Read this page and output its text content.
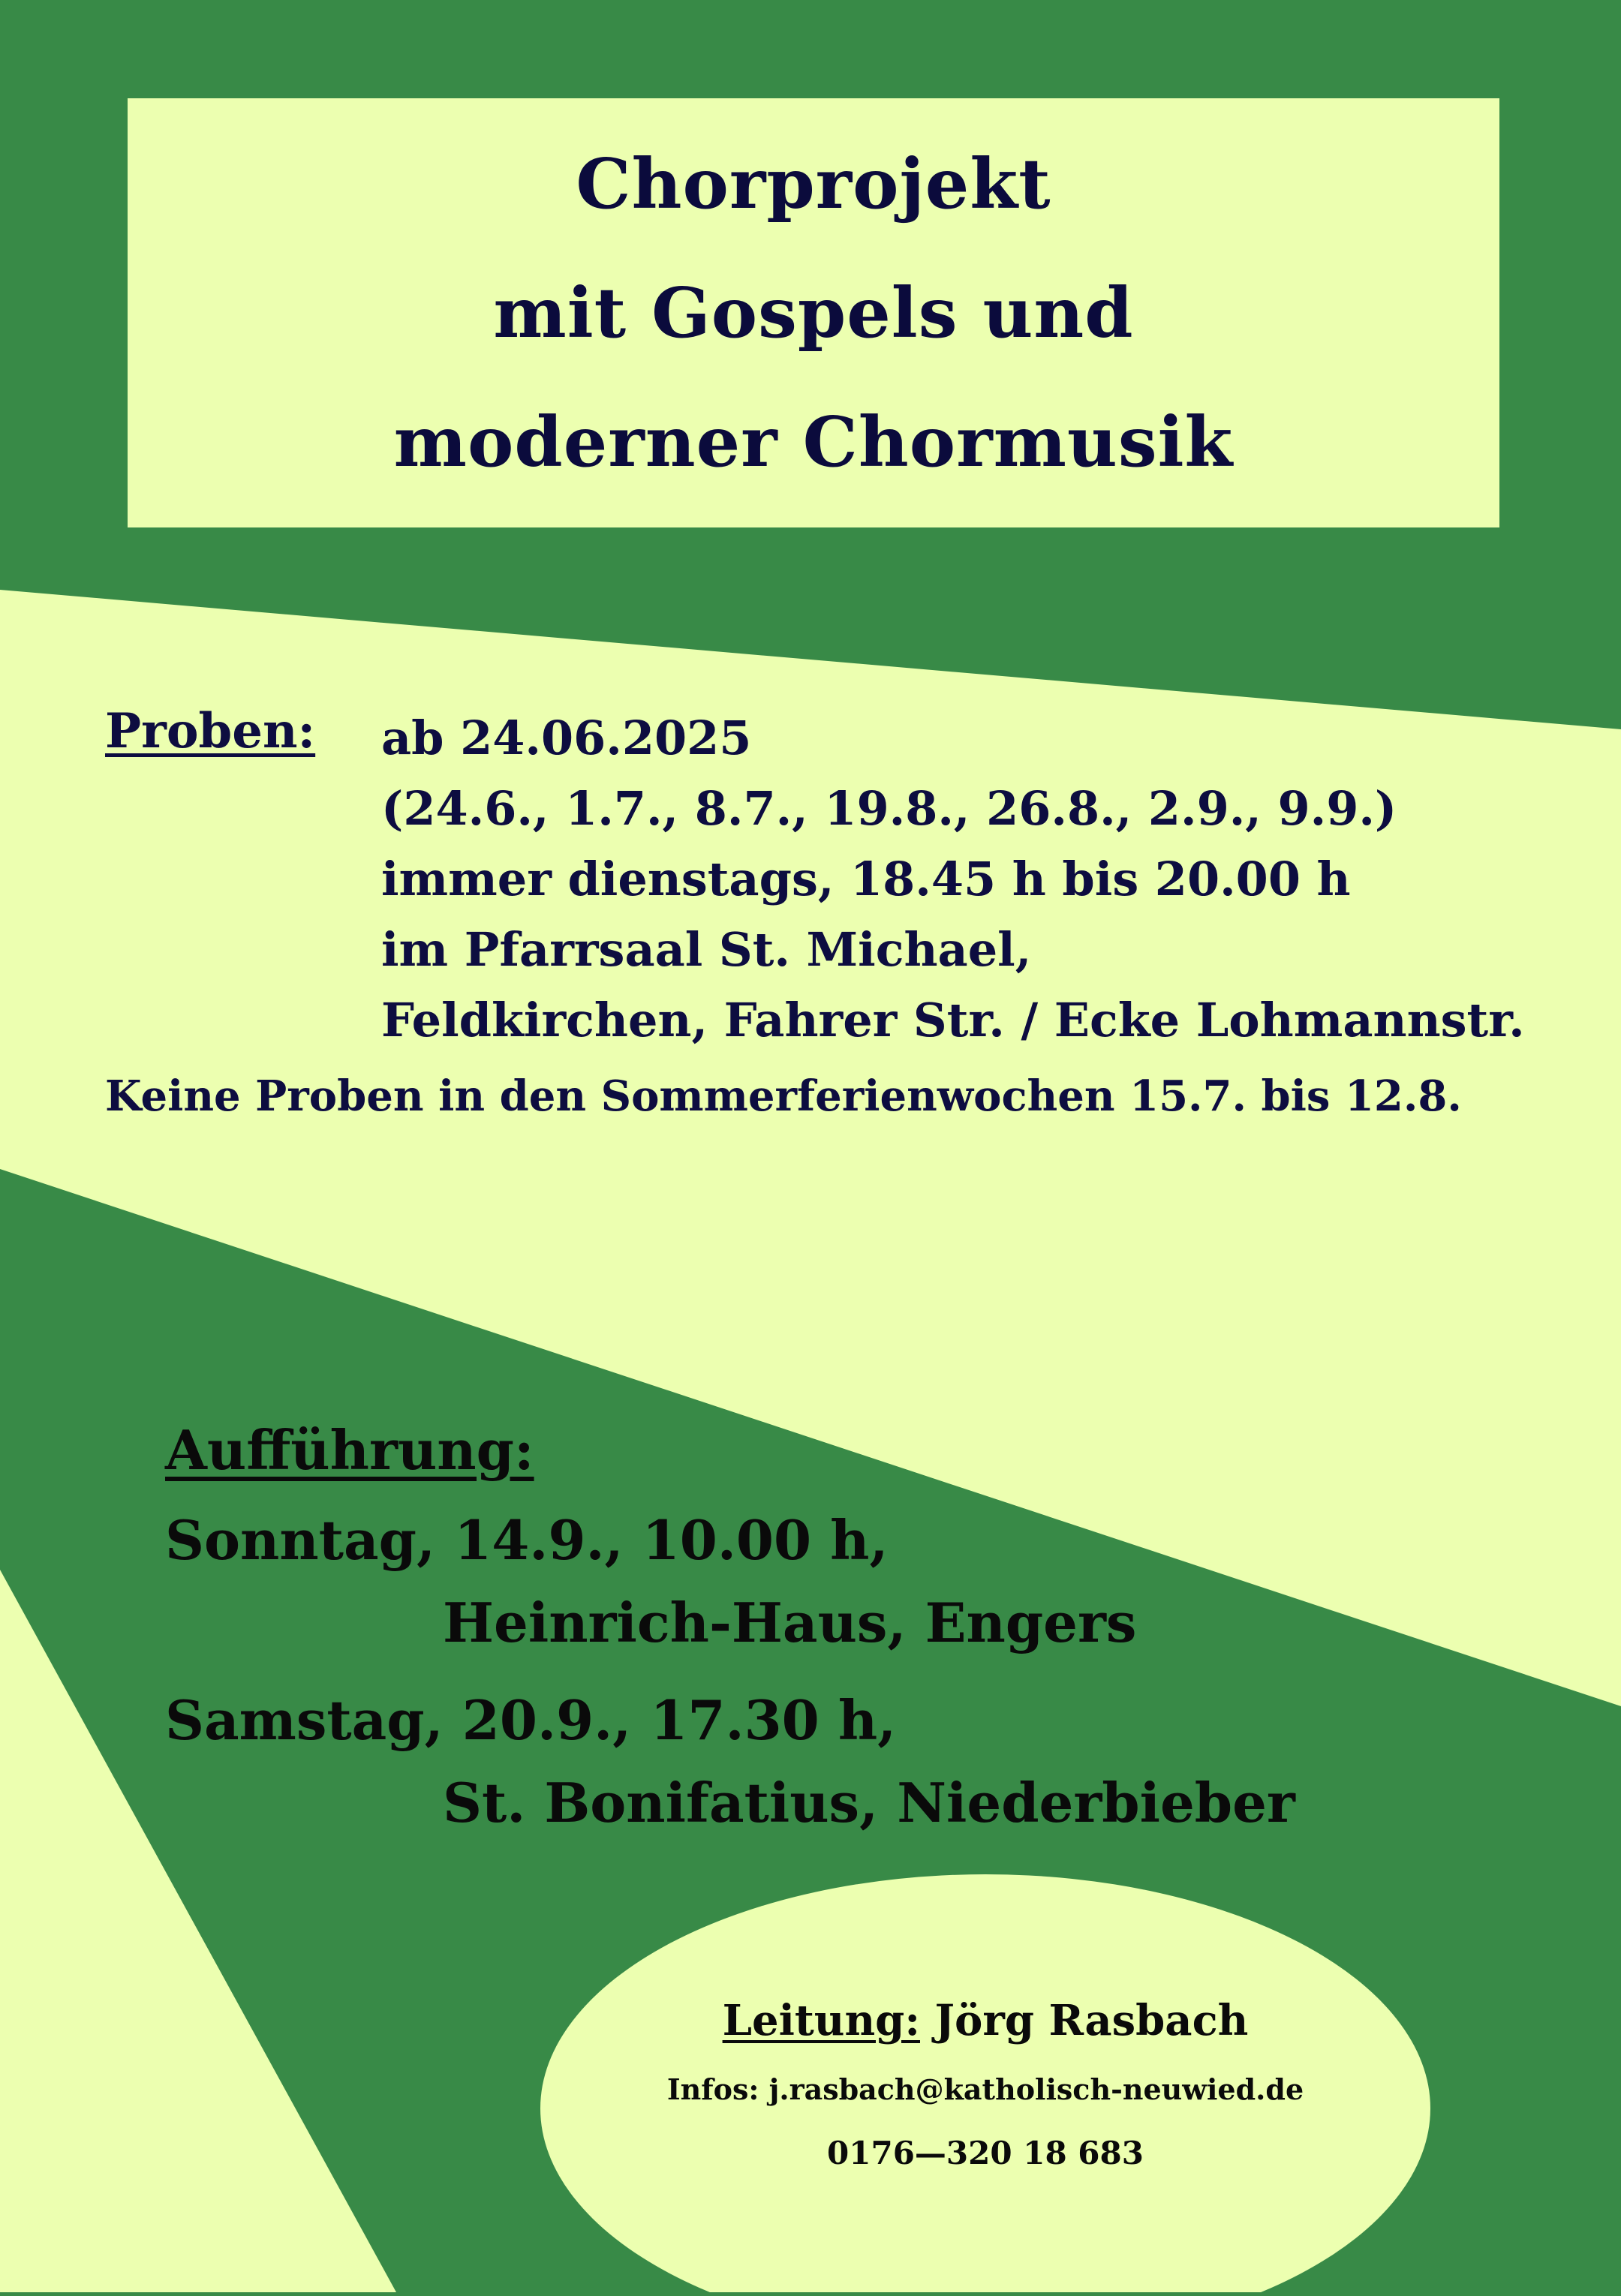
Chorprojekt
mit Gospels und
moderner Chormusik
Proben: ab 24.06.2025
(24.6., 1.7., 8.7., 19.8., 26.8., 2.9., 9.9.)
immer dienstags, 18.45 h bis 20.00 h
im Pfarrsaal St. Michael,
Feldkirchen, Fahrer Str. / Ecke Lohmannstr.
Keine Proben in den Sommerferienwochen 15.7. bis 12.8.
Aufführung:
Sonntag, 14.9., 10.00 h,
Heinrich-Haus, Engers
Samstag, 20.9., 17.30 h,
St. Bonifatius, Niederbieber
Leitung: Jörg Rasbach
Infos: j.rasbach@katholisch-neuwied.de
0176—320 18 683
